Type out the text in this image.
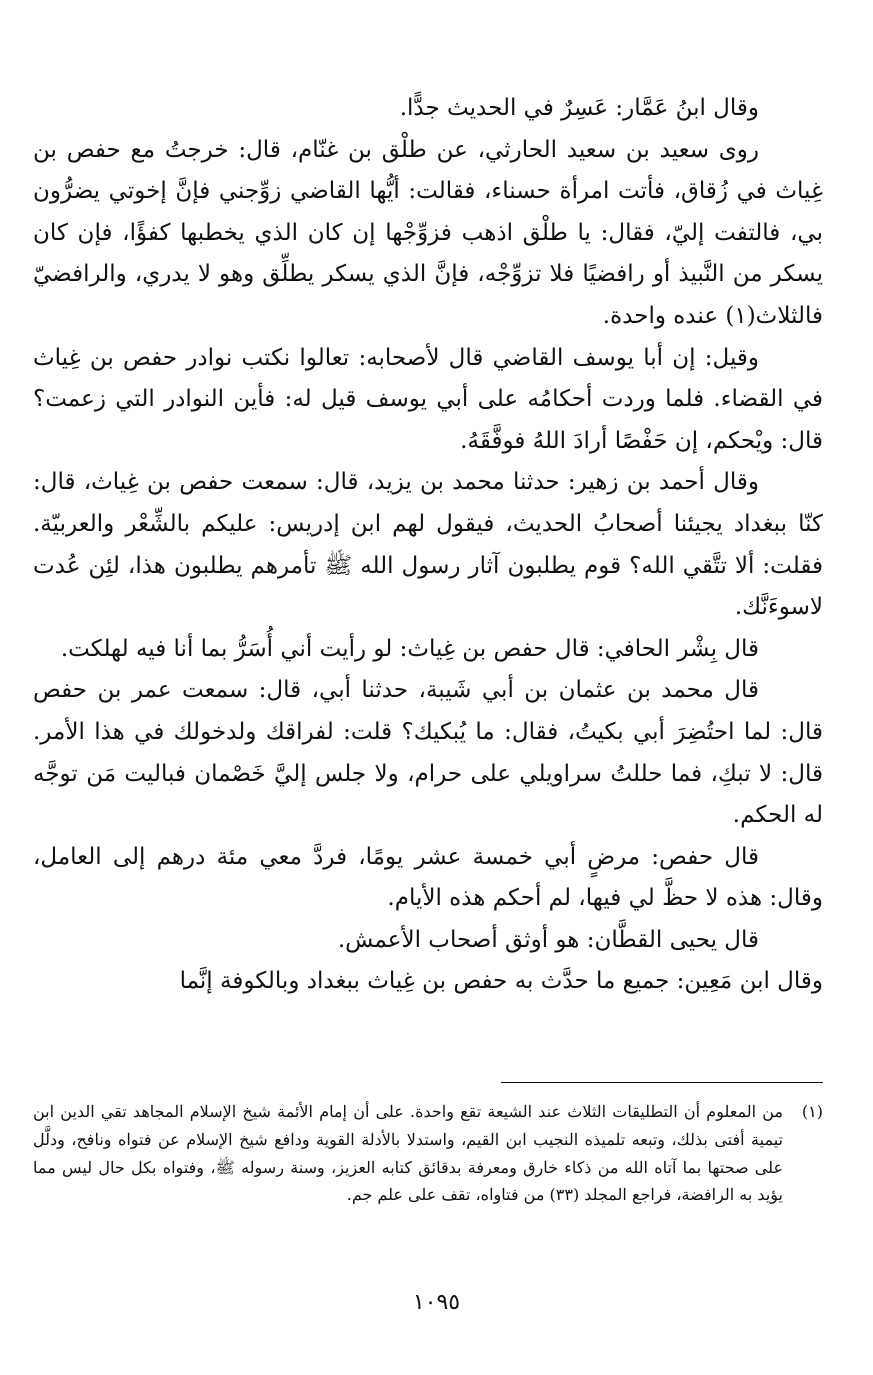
وقال ابنُ عَمَّار: عَسِرٌ في الحديث جدًّا.

روى سعيد بن سعيد الحارثي، عن طلْق بن غنّام، قال: خرجتُ مع حفص بن غِياث في زُقاق، فأتت امرأة حسناء، فقالت: أيُّها القاضي زوِّجني فإنَّ إخوتي يضرُّون بي، فالتفت إليّ، فقال: يا طلْق اذهب فزوِّجْها إن كان الذي يخطبها كفؤًا، فإن كان يسكر من النَّبيذ أو رافضيًا فلا تزوِّجْه، فإنَّ الذي يسكر يطلِّق وهو لا يدري، والرافضيّ فالثلاث(١) عنده واحدة.

وقيل: إن أبا يوسف القاضي قال لأصحابه: تعالوا نكتب نوادر حفص بن غِياث في القضاء. فلما وردت أحكامُه على أبي يوسف قيل له: فأين النوادر التي زعمت؟ قال: ويْحكم، إن حَفْصًا أرادَ اللهُ فوفَّقَهُ.

وقال أحمد بن زهير: حدثنا محمد بن يزيد، قال: سمعت حفص بن غِياث، قال: كنّا ببغداد يجيئنا أصحابُ الحديث، فيقول لهم ابن إدريس: عليكم بالشِّعْر والعربيّة. فقلت: ألا تتَّقي الله؟ قوم يطلبون آثار رسول الله ﷺ تأمرهم يطلبون هذا، لئِن عُدت لاسوءَنَّك.

قال بِشْر الحافي: قال حفص بن غِياث: لو رأيت أني أُسَرُّ بما أنا فيه لهلكت.

قال محمد بن عثمان بن أبي شَيبة، حدثنا أبي، قال: سمعت عمر بن حفص قال: لما احتُضِرَ أبي بكيتُ، فقال: ما يُبكيك؟ قلت: لفراقك ولدخولك في هذا الأمر. قال: لا تبكِ، فما حللتُ سراويلي على حرام، ولا جلس إليَّ خَصْمان فباليت مَن توجَّه له الحكم.

قال حفص: مرضٍ أبي خمسة عشر يومًا، فردَّ معي مئة درهم إلى العامل، وقال: هذه لا حظَّ لي فيها، لم أحكم هذه الأيام.

قال يحيى القطَّان: هو أوثق أصحاب الأعمش.

وقال ابن مَعِين: جميع ما حدَّث به حفص بن غِياث ببغداد وبالكوفة إنَّما

(١)
من المعلوم أن التطليقات الثلاث عند الشيعة تقع واحدة. على أن إمام الأئمة شيخ الإسلام المجاهد تقي الدين ابن تيمية أفتى بذلك، وتبعه تلميذه النجيب ابن القيم، واستدلا بالأدلة القوية ودافع شيخ الإسلام عن فتواه ونافح، ودلَّل على صحتها بما آتاه الله من ذكاء خارق ومعرفة بدقائق كتابه العزيز، وسنة رسوله ﷺ، وفتواه بكل حال ليس مما يؤيد به الرافضة، فراجع المجلد (٣٣) من فتاواه، تقف على علم جم.
١٠٩٥
